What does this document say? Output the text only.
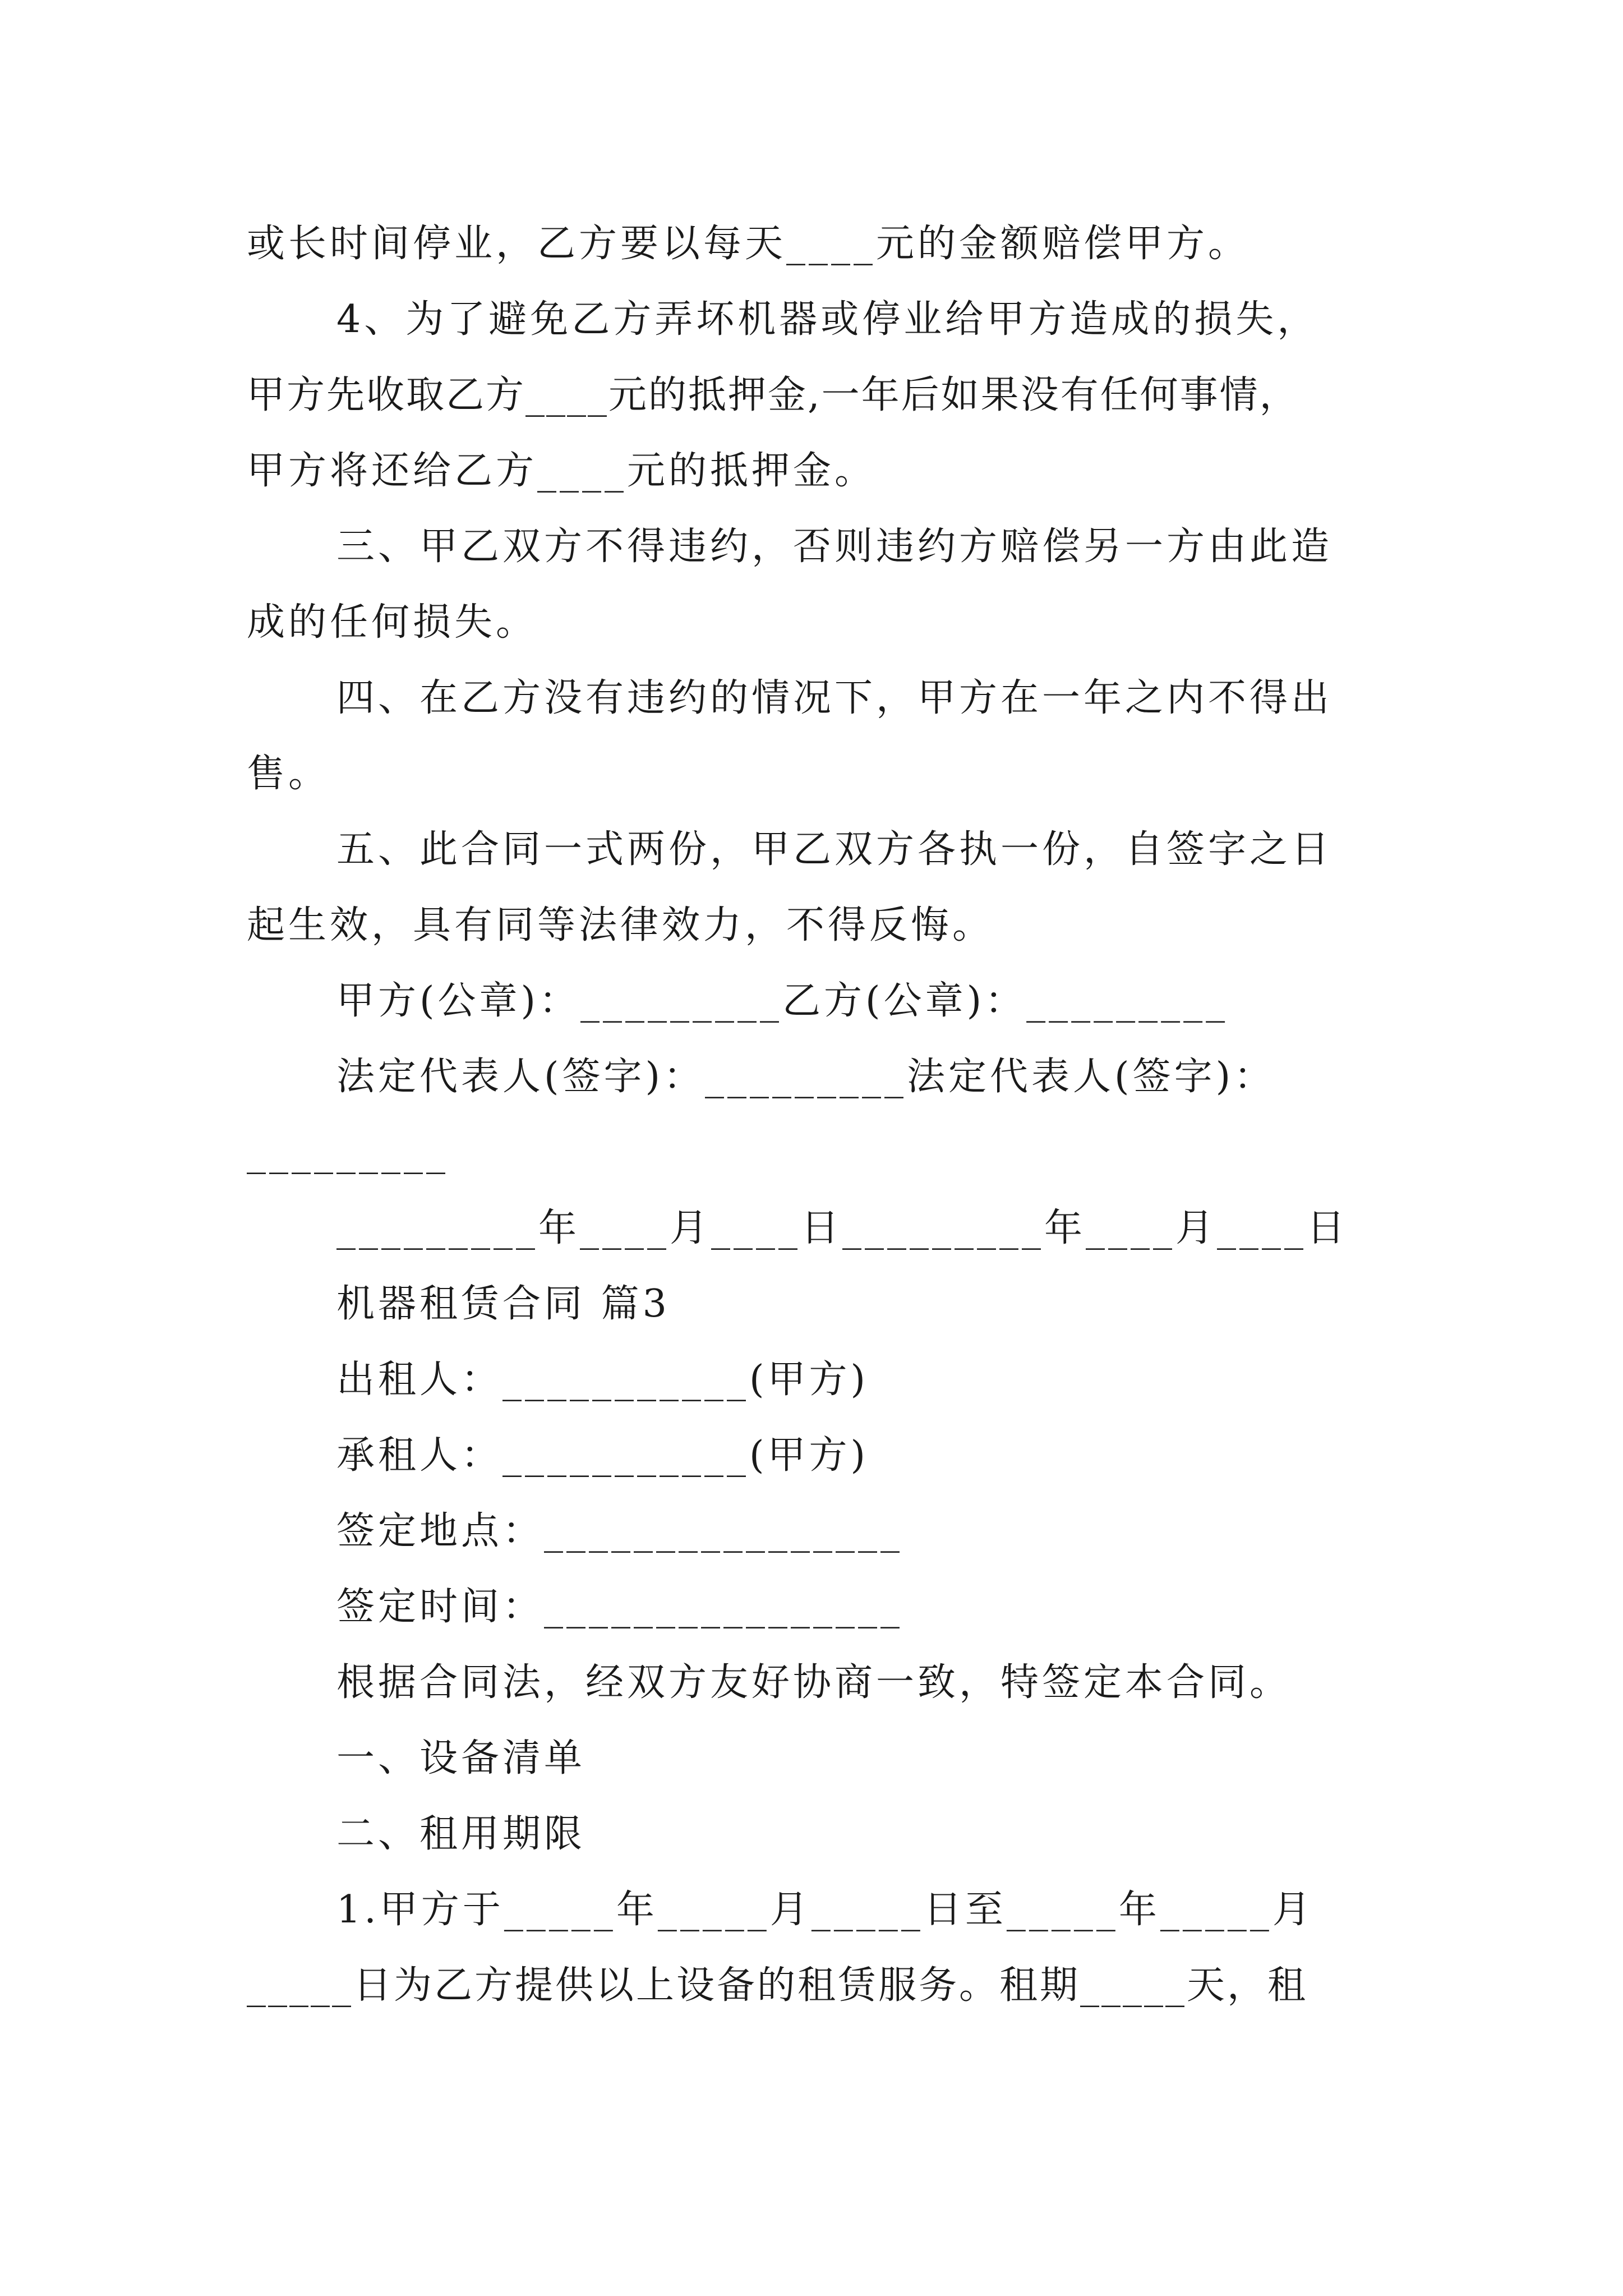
或长时间停业，乙方要以每天____元的金额赔偿甲方。
4、为了避免乙方弄坏机器或停业给甲方造成的损失，
甲方先收取乙方____元的抵押金,一年后如果没有任何事情，
甲方将还给乙方____元的抵押金。
三、甲乙双方不得违约，否则违约方赔偿另一方由此造
成的任何损失。
四、在乙方没有违约的情况下，甲方在一年之内不得出
售。
五、此合同一式两份，甲乙双方各执一份，自签字之日
起生效，具有同等法律效力，不得反悔。
甲方(公章)：_________乙方(公章)：_________
法定代表人(签字)：_________法定代表人(签字)：
_________
_________年____月____日_________年____月____日
机器租赁合同 篇3
出租人：___________(甲方)
承租人：___________(甲方)
签定地点：________________
签定时间：________________
根据合同法，经双方友好协商一致，特签定本合同。
一、设备清单
二、租用期限
1.甲方于_____年_____月_____日至_____年_____月
_____日为乙方提供以上设备的租赁服务。租期_____天，租
